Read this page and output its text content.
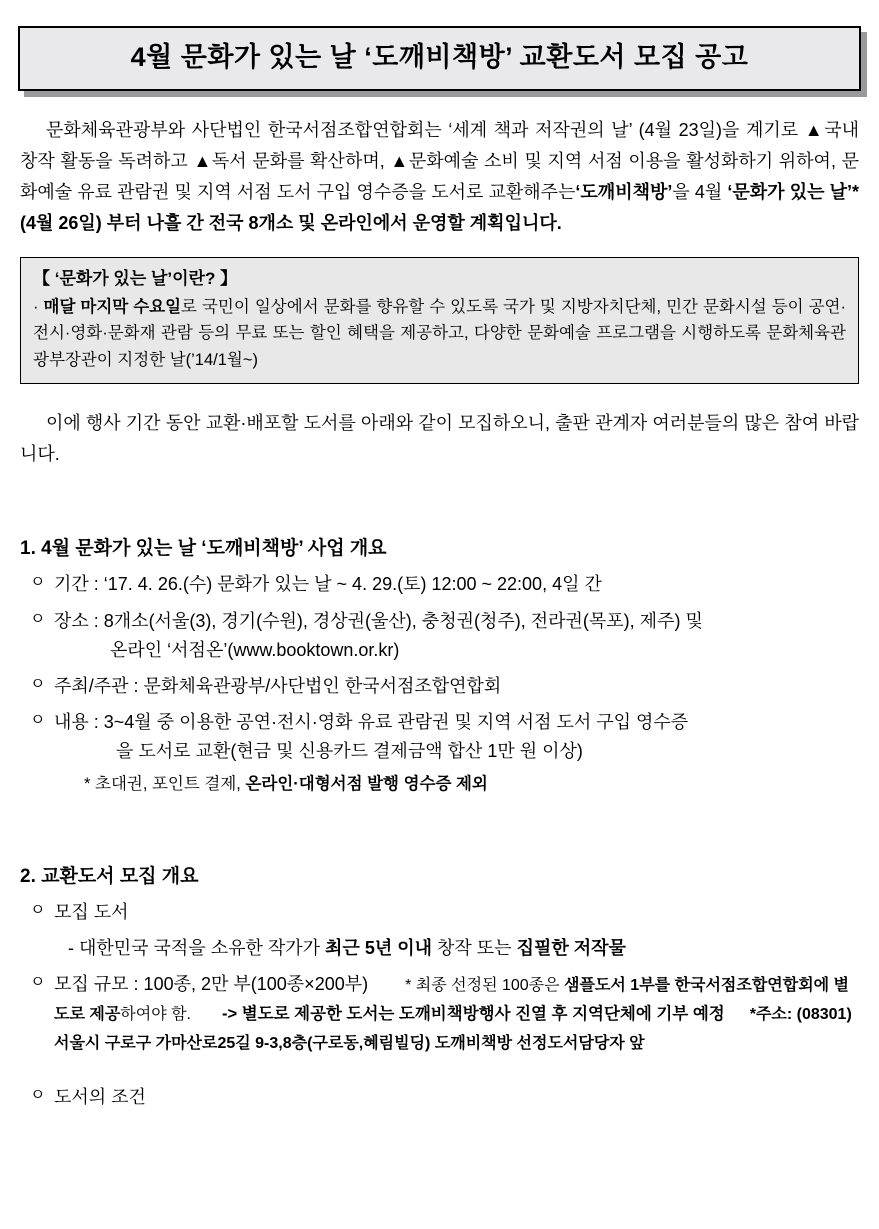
4월 문화가 있는 날 ‘도깨비책방’ 교환도서 모집 공고

문화체육관광부와 사단법인 한국서점조합연합회는 ‘세계 책과 저작권의 날’ (4월 23일)을 계기로 ▲국내 창작 활동을 독려하고 ▲독서 문화를 확산하며, ▲문화예술 소비 및 지역 서점 이용을 활성화하기 위하여, 문화예술 유료 관람권 및 지역 서점 도서 구입 영수증을 도서로 교환해주는‘도깨비책방’을 4월 ‘문화가 있는 날’*(4월 26일) 부터 나흘 간 전국 8개소 및 온라인에서 운영할 계획입니다.

【 ‘문화가 있는 날’이란? 】
· 매달 마지막 수요일로 국민이 일상에서 문화를 향유할 수 있도록 국가 및 지방자치단체, 민간 문화시설 등이 공연·전시·영화·문화재 관람 등의 무료 또는 할인 혜택을 제공하고, 다양한 문화예술 프로그램을 시행하도록 문화체육관광부장관이 지정한 날(’14/1월~)

이에 행사 기간 동안 교환·배포할 도서를 아래와 같이 모집하오니, 출판 관계자 여러분들의 많은 참여 바랍니다.

1. 4월 문화가 있는 날 ‘도깨비책방’ 사업 개요
ㅇ 기간 : ‘17. 4. 26.(수) 문화가 있는 날 ~ 4. 29.(토) 12:00 ~ 22:00, 4일 간
ㅇ 장소 : 8개소(서울(3), 경기(수원), 경상권(울산), 충청권(청주), 전라권(목포), 제주) 및
온라인 ‘서점온’(www.booktown.or.kr)
ㅇ 주최/주관 : 문화체육관광부/사단법인 한국서점조합연합회
ㅇ 내용 : 3~4월 중 이용한 공연·전시·영화 유료 관람권 및 지역 서점 도서 구입 영수증
을 도서로 교환(현금 및 신용카드 결제금액 합산 1만 원 이상)
* 초대권, 포인트 결제, 온라인·대형서점 발행 영수증 제외
2. 교환도서 모집 개요
ㅇ 모집 도서
- 대한민국 국적을 소유한 작가가 최근 5년 이내 창작 또는 집필한 저작물
ㅇ 모집 규모 : 100종, 2만 부(100종×200부) * 최종 선정된 100종은 샘플도서 1부를 한국서점조합연합회에 별도로 제공하여야 함. -> 별도로 제공한 도서는 도깨비책방행사 진열 후 지역단체에 기부 예정 *주소: (08301) 서울시 구로구 가마산로25길 9-3,8층(구로동,혜림빌딩) 도깨비책방 선정도서담당자 앞
ㅇ 도서의 조건
